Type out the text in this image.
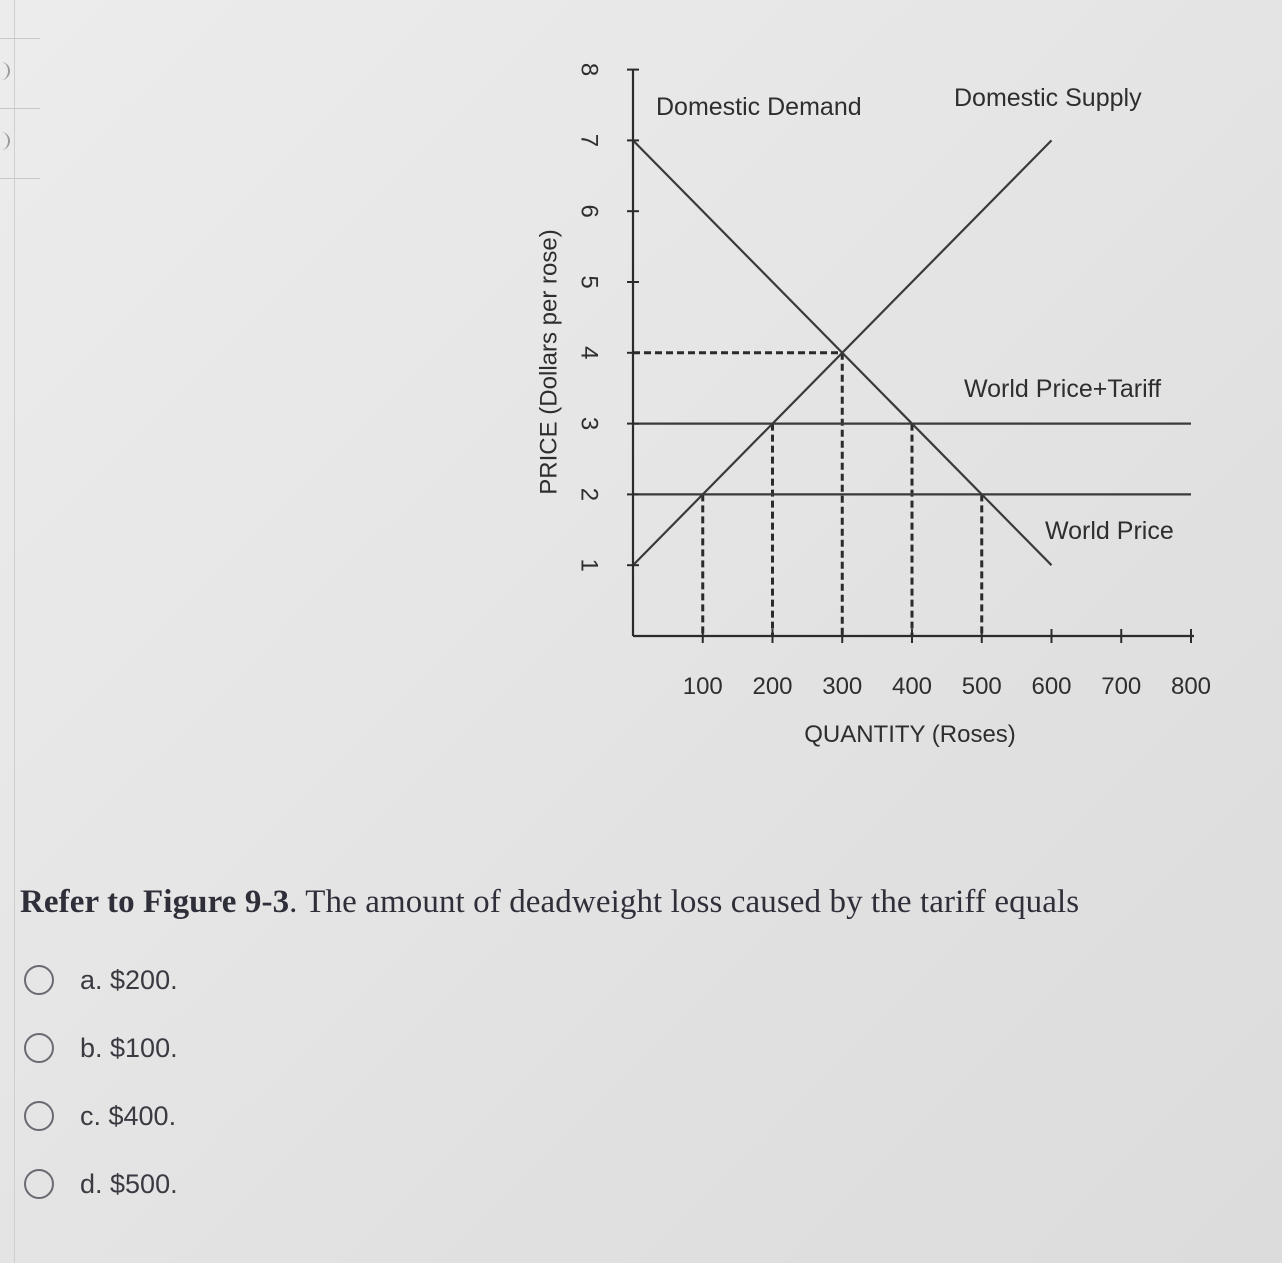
1
2
3
4
5
6
7
8
100 200 300 400 500 600 700 800
QUANTITY (Roses)
PRICE (Dollars per rose)
Domestic Demand	Domestic Supply
World Price+Tariff
World Price
Refer to Figure 9-3. The amount of deadweight loss caused by the tariff equals
a. $200.
b. $100.
c. $400.
d. $500.
